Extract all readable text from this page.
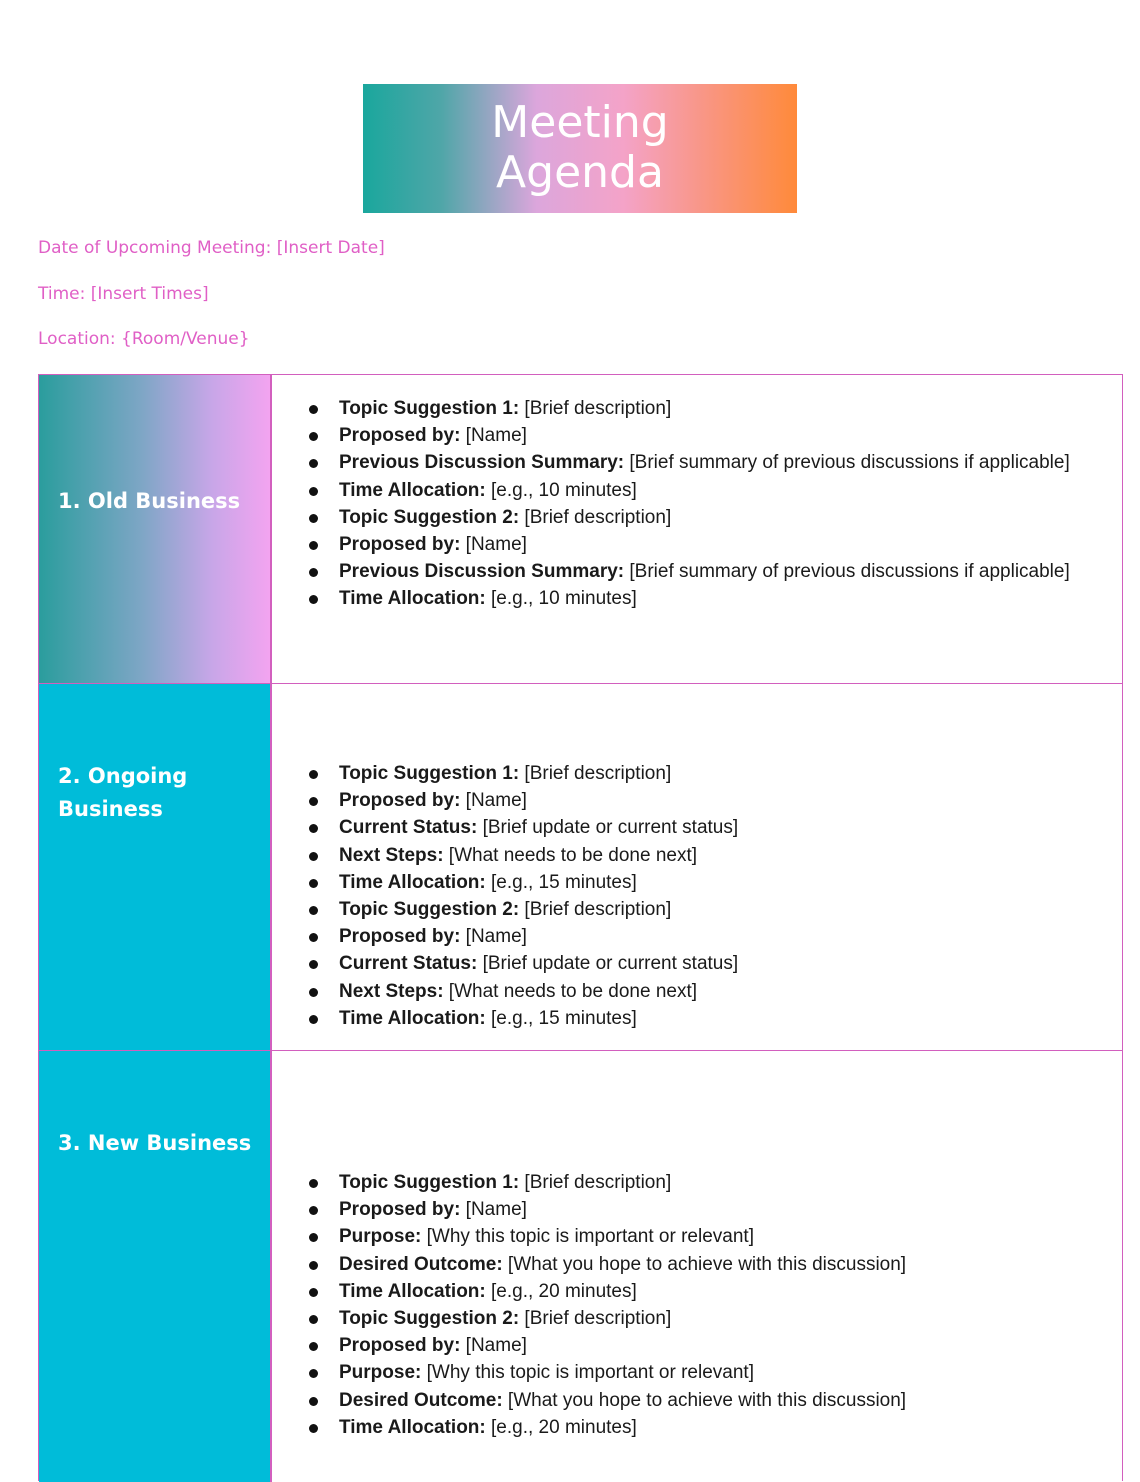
Meeting
Agenda
Date of Upcoming Meeting: [Insert Date]
Time: [Insert Times]
Location: {Room/Venue}
1. Old Business
Topic Suggestion 1: [Brief description]
Proposed by: [Name]
Previous Discussion Summary: [Brief summary of previous discussions if applicable]
Time Allocation: [e.g., 10 minutes]
Topic Suggestion 2: [Brief description]
Proposed by: [Name]
Previous Discussion Summary: [Brief summary of previous discussions if applicable]
Time Allocation: [e.g., 10 minutes]
2. Ongoing Business
Topic Suggestion 1: [Brief description]
Proposed by: [Name]
Current Status: [Brief update or current status]
Next Steps: [What needs to be done next]
Time Allocation: [e.g., 15 minutes]
Topic Suggestion 2: [Brief description]
Proposed by: [Name]
Current Status: [Brief update or current status]
Next Steps: [What needs to be done next]
Time Allocation: [e.g., 15 minutes]
3. New Business
Topic Suggestion 1: [Brief description]
Proposed by: [Name]
Purpose: [Why this topic is important or relevant]
Desired Outcome: [What you hope to achieve with this discussion]
Time Allocation: [e.g., 20 minutes]
Topic Suggestion 2: [Brief description]
Proposed by: [Name]
Purpose: [Why this topic is important or relevant]
Desired Outcome: [What you hope to achieve with this discussion]
Time Allocation: [e.g., 20 minutes]
